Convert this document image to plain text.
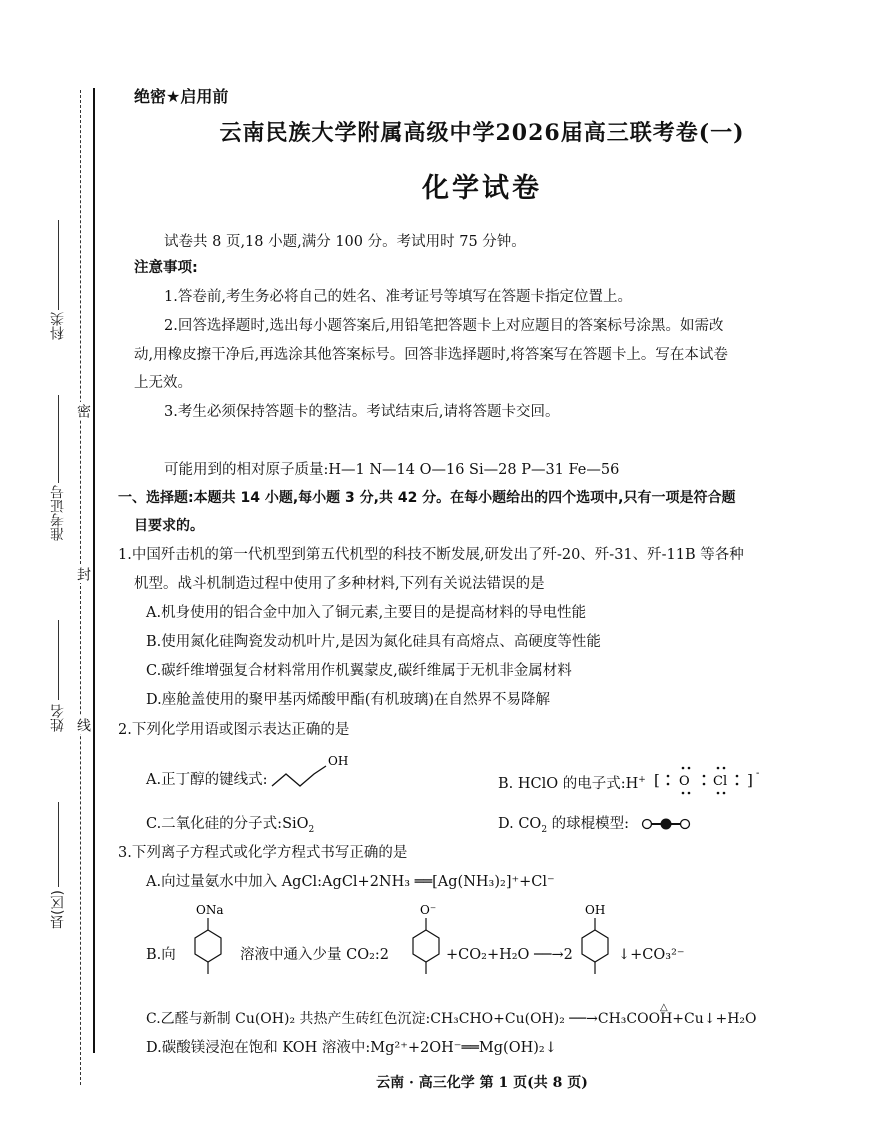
科类
准考证号
姓名
县(区)
密
封
线
绝密★启用前
云南民族大学附属高级中学2026届高三联考卷(一)
化学试卷
试卷共 8 页,18 小题,满分 100 分。考试用时 75 分钟。
注意事项:
1.答卷前,考生务必将自己的姓名、准考证号等填写在答题卡指定位置上。
2.回答选择题时,选出每小题答案后,用铅笔把答题卡上对应题目的答案标号涂黑。如需改
动,用橡皮擦干净后,再选涂其他答案标号。回答非选择题时,将答案写在答题卡上。写在本试卷
上无效。
3.考生必须保持答题卡的整洁。考试结束后,请将答题卡交回。
可能用到的相对原子质量:H—1 N—14 O—16 Si—28 P—31 Fe—56
一、选择题:本题共 14 小题,每小题 3 分,共 42 分。在每小题给出的四个选项中,只有一项是符合题
目要求的。
1.中国歼击机的第一代机型到第五代机型的科技不断发展,研发出了歼-20、歼-31、歼-11B 等各种
机型。战斗机制造过程中使用了多种材料,下列有关说法错误的是
A.机身使用的铝合金中加入了铜元素,主要目的是提高材料的导电性能
B.使用氮化硅陶瓷发动机叶片,是因为氮化硅具有高熔点、高硬度等性能
C.碳纤维增强复合材料常用作机翼蒙皮,碳纤维属于无机非金属材料
D.座舱盖使用的聚甲基丙烯酸甲酯(有机玻璃)在自然界不易降解
2.下列化学用语或图示表达正确的是
A.正丁醇的键线式:
OH
B. HClO 的电子式:H+ [ O Cl ] -
C.二氧化硅的分子式:SiO$_2$	D. $CO_2$ 的球棍模型:
3.下列离子方程式或化学方程式书写正确的是
A.向过量氨水中加入 AgCl:AgCl+2NH₃ ══[Ag(NH₃)₂]⁺+Cl⁻
B.向
ONa
溶液中通入少量 CO₂:2
O⁻
+CO₂+H₂O ──→2
OH
↓+CO₃²⁻
△
C.乙醛与新制 Cu(OH)₂ 共热产生砖红色沉淀:CH₃CHO+Cu(OH)₂ ──→CH₃COOH+Cu↓+H₂O
D.碳酸镁浸泡在饱和 KOH 溶液中:Mg²⁺+2OH⁻══Mg(OH)₂↓
云南 · 高三化学 第 1 页(共 8 页)
